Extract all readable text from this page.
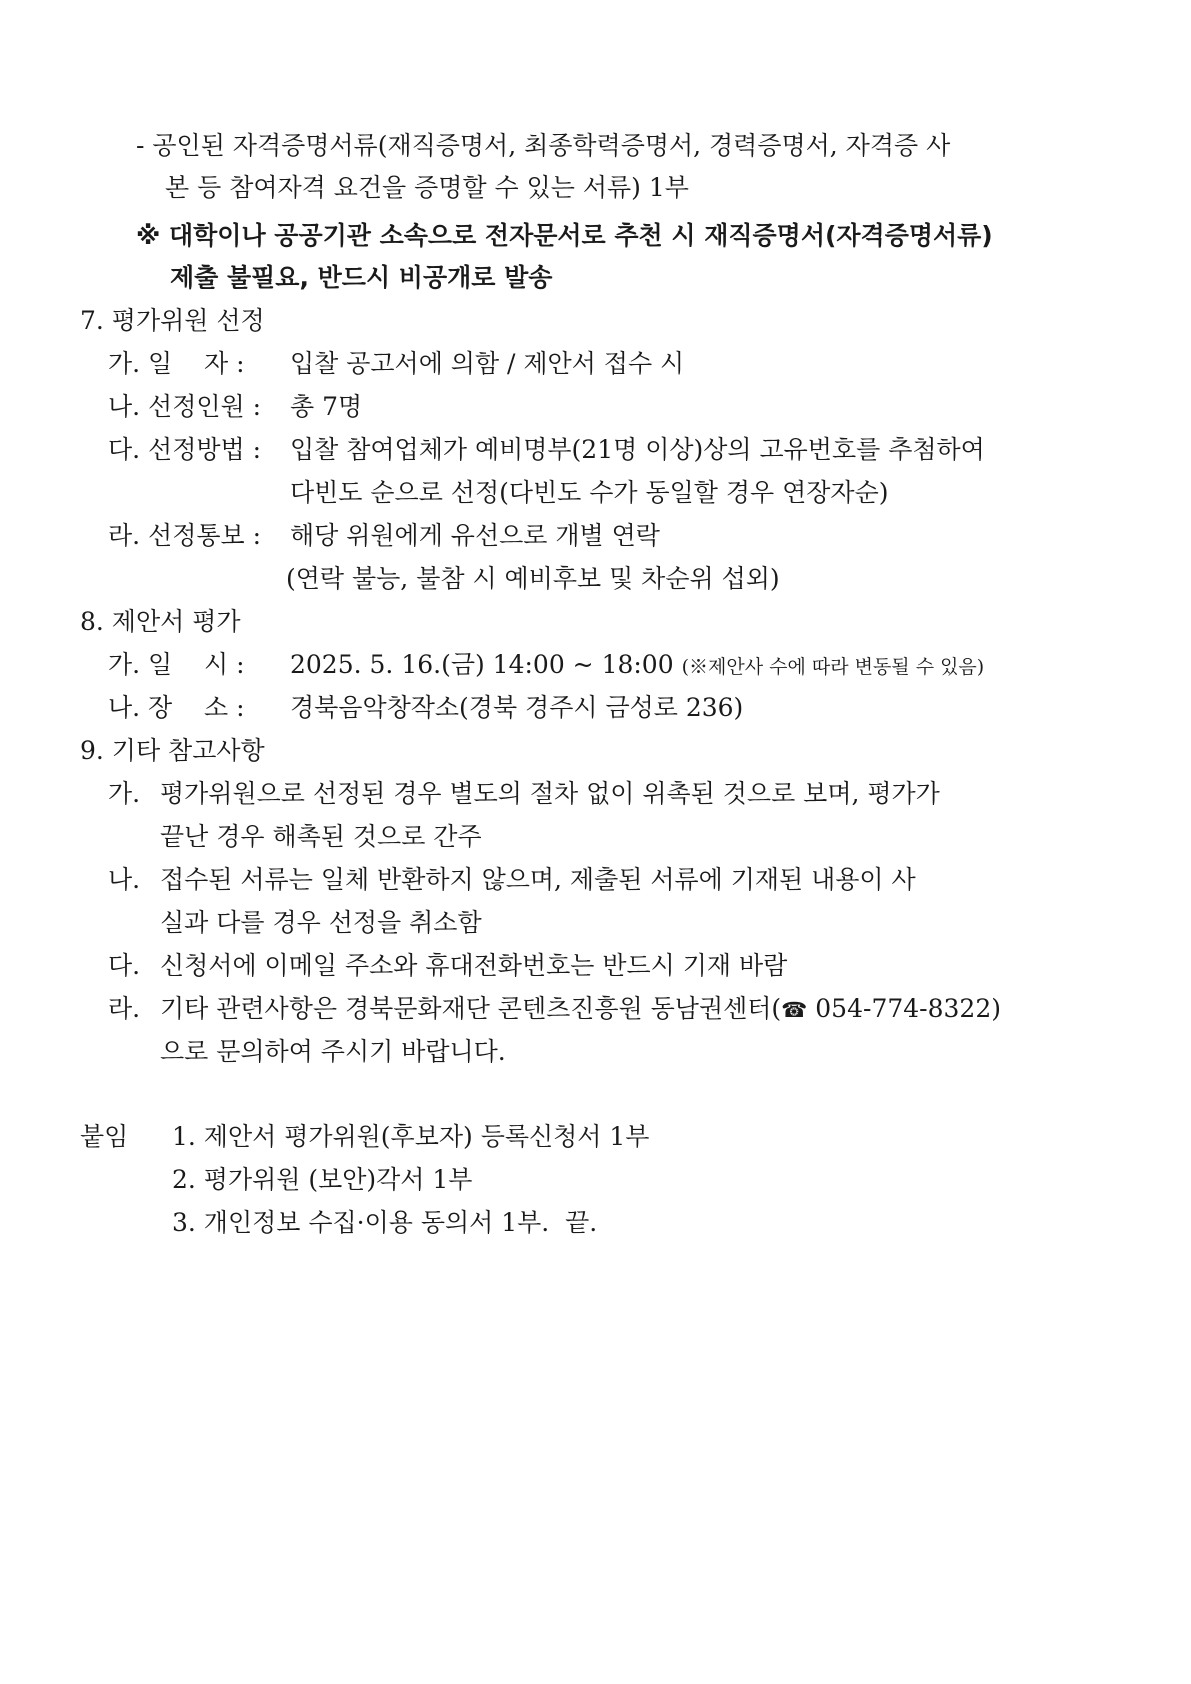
- 공인된 자격증명서류(재직증명서, 최종학력증명서, 경력증명서, 자격증 사
본 등 참여자격 요건을 증명할 수 있는 서류) 1부
※ 대학이나 공공기관 소속으로 전자문서로 추천 시 재직증명서(자격증명서류)
제출 불필요, 반드시 비공개로 발송
7. 평가위원 선정
가. 일    자 : 입찰 공고서에 의함 / 제안서 접수 시
나. 선정인원 : 총 7명
다. 선정방법 : 입찰 참여업체가 예비명부(21명 이상)상의 고유번호를 추첨하여
다빈도 순으로 선정(다빈도 수가 동일할 경우 연장자순)
라. 선정통보 : 해당 위원에게 유선으로 개별 연락
(연락 불능, 불참 시 예비후보 및 차순위 섭외)
8. 제안서 평가
가. 일    시 : 2025. 5. 16.(금) 14:00 ~ 18:00 (※제안사 수에 따라 변동될 수 있음)
나. 장    소 : 경북음악창작소(경북 경주시 금성로 236)
9. 기타 참고사항
가. 평가위원으로 선정된 경우 별도의 절차 없이 위촉된 것으로 보며, 평가가
끝난 경우 해촉된 것으로 간주
나. 접수된 서류는 일체 반환하지 않으며, 제출된 서류에 기재된 내용이 사
실과 다를 경우 선정을 취소함
다. 신청서에 이메일 주소와 휴대전화번호는 반드시 기재 바람
라. 기타 관련사항은 경북문화재단 콘텐츠진흥원 동남권센터(☎ 054-774-8322)
으로 문의하여 주시기 바랍니다.
붙임 1. 제안서 평가위원(후보자) 등록신청서 1부
2. 평가위원 (보안)각서 1부
3. 개인정보 수집·이용 동의서 1부.  끝.
